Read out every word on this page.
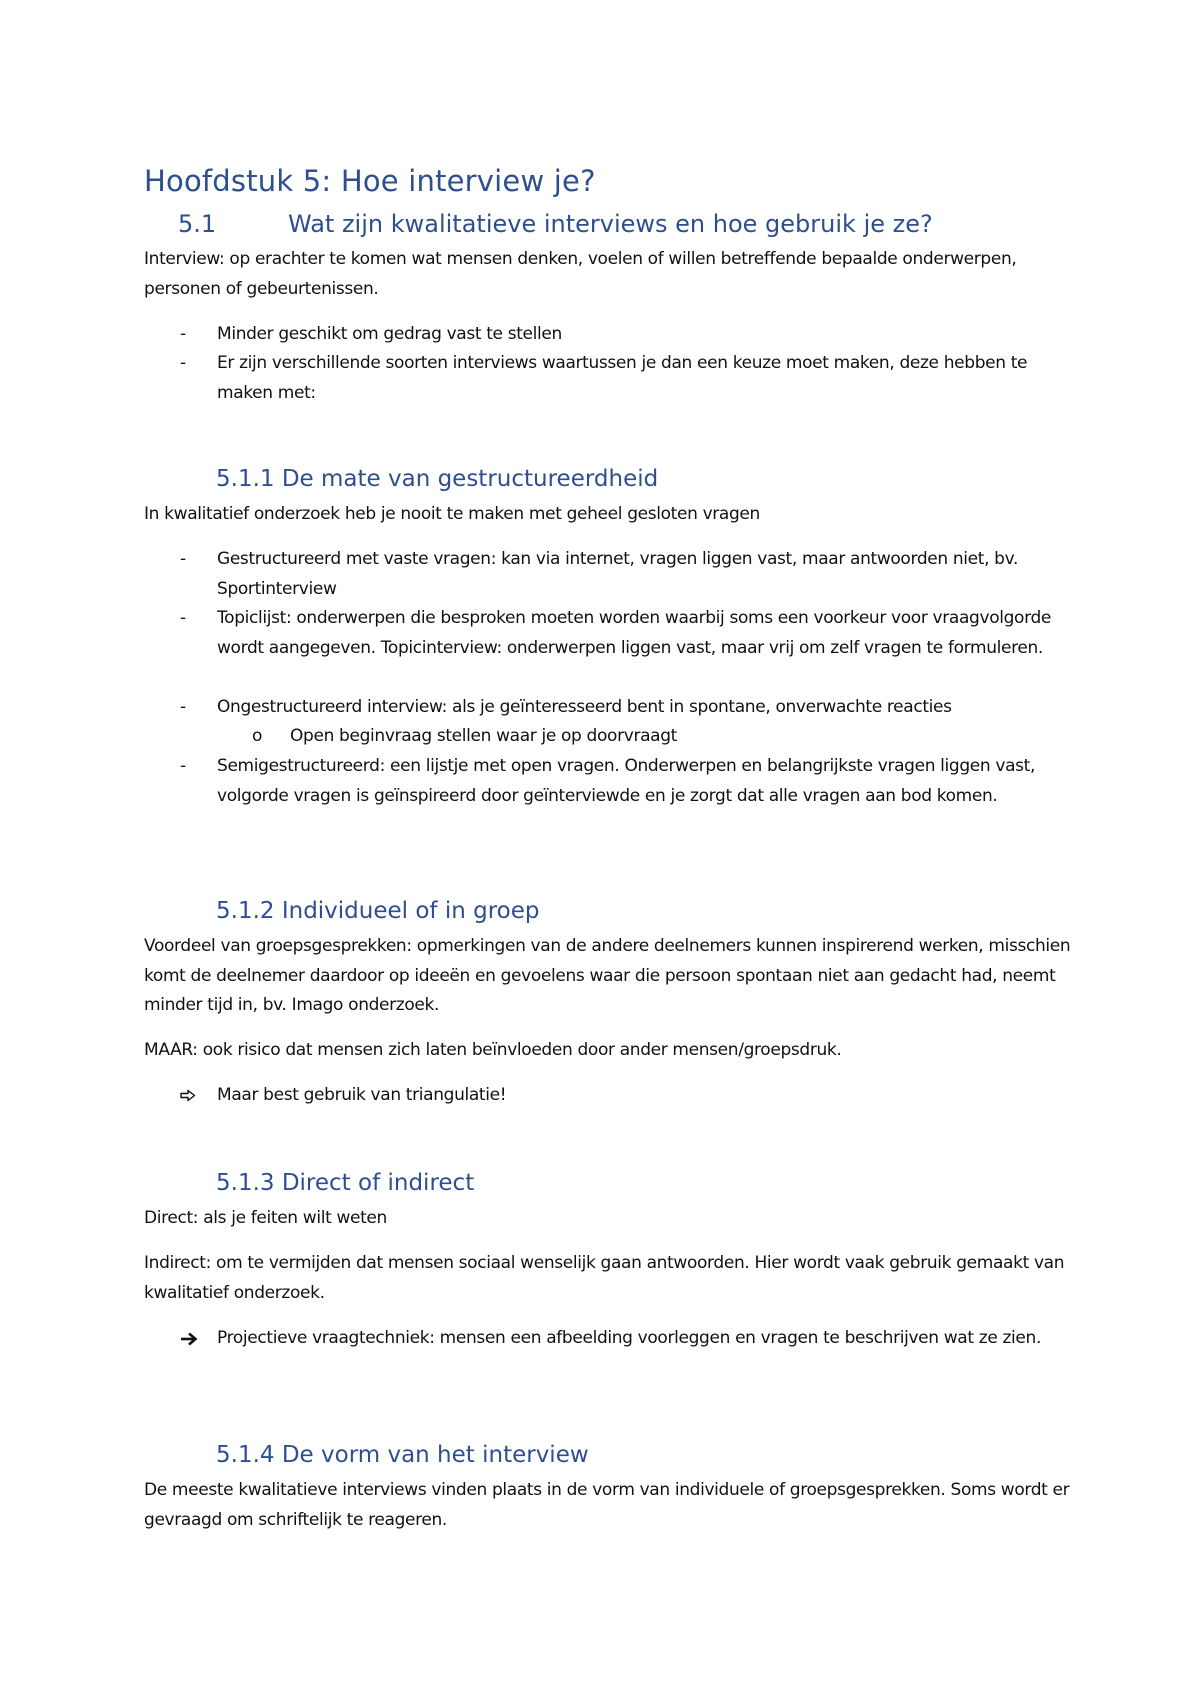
Hoofdstuk 5: Hoe interview je?
5.1	Wat zijn kwalitatieve interviews en hoe gebruik je ze?
Interview: op erachter te komen wat mensen denken, voelen of willen betreffende bepaalde onderwerpen, personen of gebeurtenissen.
-	Minder geschikt om gedrag vast te stellen
-	Er zijn verschillende soorten interviews waartussen je dan een keuze moet maken, deze hebben te maken met:
5.1.1 De mate van gestructureerdheid
In kwalitatief onderzoek heb je nooit te maken met geheel gesloten vragen
-	Gestructureerd met vaste vragen: kan via internet, vragen liggen vast, maar antwoorden niet, bv. Sportinterview
-	Topiclijst: onderwerpen die besproken moeten worden waarbij soms een voorkeur voor vraagvolgorde wordt aangegeven. Topicinterview: onderwerpen liggen vast, maar vrij om zelf vragen te formuleren.
-	Ongestructureerd interview: als je geïnteresseerd bent in spontane, onverwachte reacties
o	Open beginvraag stellen waar je op doorvraagt
-	Semigestructureerd: een lijstje met open vragen. Onderwerpen en belangrijkste vragen liggen vast, volgorde vragen is geïnspireerd door geïnterviewde en je zorgt dat alle vragen aan bod komen.
5.1.2 Individueel of in groep
Voordeel van groepsgesprekken: opmerkingen van de andere deelnemers kunnen inspirerend werken, misschien komt de deelnemer daardoor op ideeën en gevoelens waar die persoon spontaan niet aan gedacht had, neemt minder tijd in, bv. Imago onderzoek.
MAAR: ook risico dat mensen zich laten beïnvloeden door ander mensen/groepsdruk.
Maar best gebruik van triangulatie!
5.1.3 Direct of indirect
Direct: als je feiten wilt weten
Indirect: om te vermijden dat mensen sociaal wenselijk gaan antwoorden. Hier wordt vaak gebruik gemaakt van kwalitatief onderzoek.
Projectieve vraagtechniek: mensen een afbeelding voorleggen en vragen te beschrijven wat ze zien.
5.1.4 De vorm van het interview
De meeste kwalitatieve interviews vinden plaats in de vorm van individuele of groepsgesprekken. Soms wordt er gevraagd om schriftelijk te reageren.
